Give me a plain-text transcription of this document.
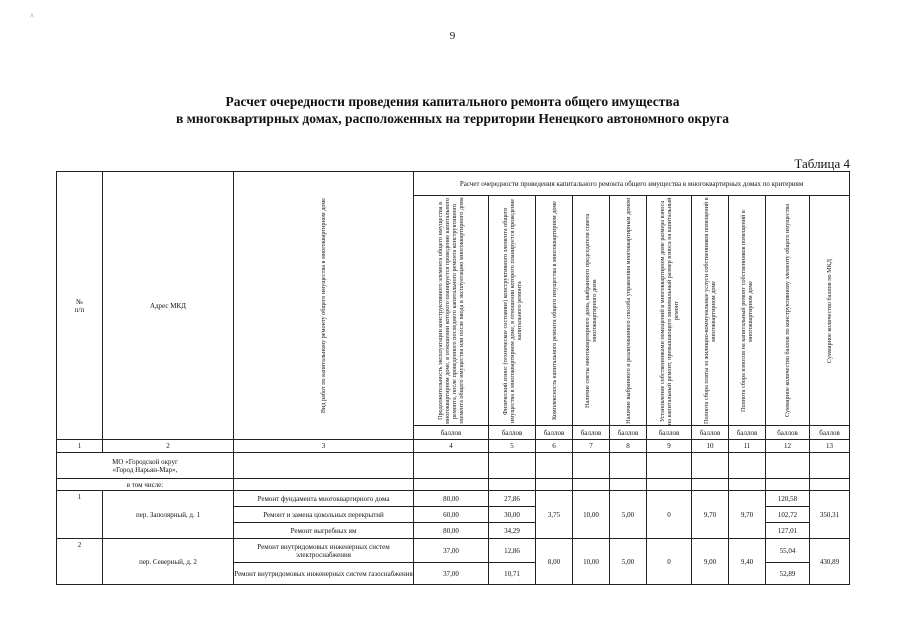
^
9
Расчет очередности проведения капитального ремонта общего имущества
в многоквартирных домах, расположенных на территории Ненецкого автономного округа
Таблица 4
№
п/п	Адрес МКД	Вид работ по капитальному ремонту общего имущества в многоквартирном доме	Расчет очередности проведения капитального ремонта общего имущества в многоквартирных домах по критериям									

			Продолжительность эксплуатации конструктивного элемента общего имущества в многоквартирном доме, в отношении которого планируется проведение капитального ремонта, после проведенного последнего капитального ремонта конструктивного элемента общего имущества или после ввода в эксплуатацию многоквартирного дома	Физический износ (техническое состояние) конструктивного элемента общего имущества в многоквартирном доме, в отношении которого планируется проведение капитального ремонта	Комплексность капитального ремонта общего имущества в многоквартирном доме	Наличие сметы многоквартирного дома, выбранного председателя совета многоквартирного дома	Наличие выбранного и реализованного способа управления многоквартирным домом	Установление собственниками помещений в многоквартирном доме размера взноса на капитальный ремонт, превышающего минимальный размер взноса на капитальный ремонт	Полнота сбора платы за жилищно-коммунальные услуги собственников помещений в многоквартирном доме	Полнота сбора взносов на капитальный ремонт собственников помещений в многоквартирном доме	Суммарное количество баллов по конструктивному элементу общего имущества	Суммарное количество баллов по МКД

			баллов	баллов	баллов	баллов	баллов	баллов	баллов	баллов	баллов	баллов
1	2	3	4	5	6	7	8	9	10	11	12	13
МО «Городской округ
«Город Нарьян-Мар»,												
в том числе:												
1	пер. Заполярный, д. 1	Ремонт фундамента многоквартирного дома	80,00	27,86	3,75	10,00	5,00	0	9,70	9,70	120,58	350,31
		Ремонт и замена цокольных перекрытий	60,00	30,00							102,72	
		Ремонт выгребных ям	80,00	34,29							127,01	
2	пер. Северный, д. 2	Ремонт внутридомовых инженерных систем электроснабжения	37,00	12,86	8,00	10,00	5,00	0	9,00	9,40	55,04	430,89
		Ремонт внутридомовых инженерных систем газоснабжения	37,00	10,71							52,89	
